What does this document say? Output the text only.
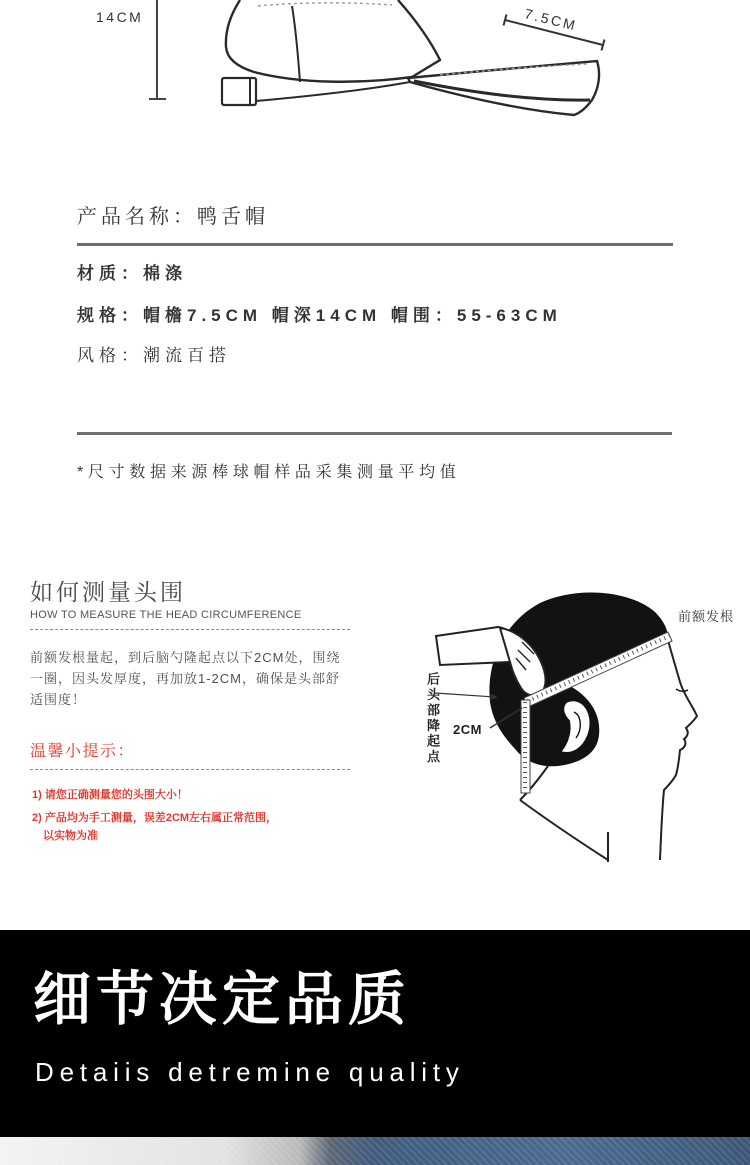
14CM	7.5CM
产品名称：鸭舌帽
材质：棉涤
规格：帽檐7.5CM 帽深14CM 帽围：55-63CM
风格：潮流百搭
*尺寸数据来源棒球帽样品采集测量平均值
如何测量头围
HOW TO MEASURE THE HEAD CIRCUMFERENCE
前额发根量起，到后脑勺隆起点以下2CM处，围绕
一圈，因头发厚度，再加放1-2CM，确保是头部舒
适围度！
温馨小提示：
1) 请您正确测量您的头围大小！
2) 产品均为手工测量，误差2CM左右属正常范围，
以实物为准
前额发根
后头部降起点 2CM
细节决定品质
Detaiis detremine quality
